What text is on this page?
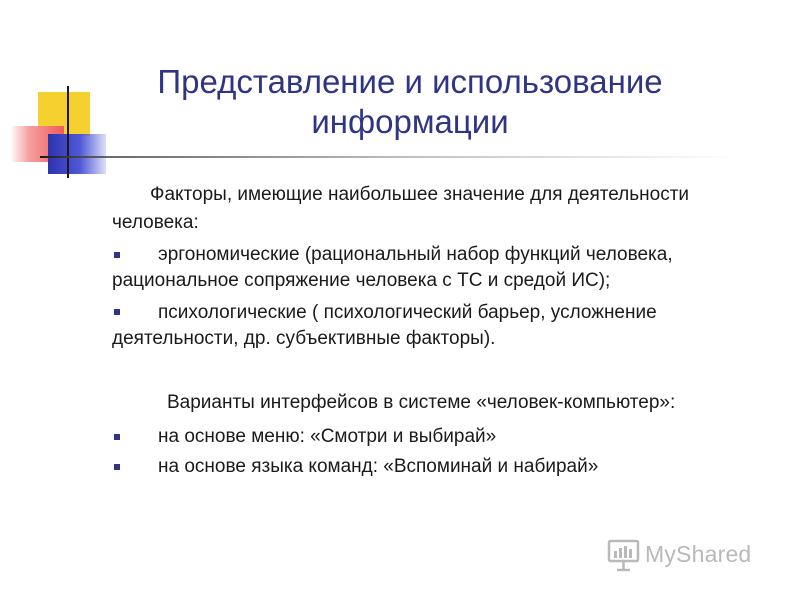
Представление и использование
информации
Факторы, имеющие наибольшее значение для деятельности
человека:
эргономические (рациональный набор функций человека,
рациональное сопряжение человека с ТС и средой ИС);
психологические ( психологический барьер, усложнение
деятельности, др. субъективные факторы).
Варианты интерфейсов в системе «человек-компьютер»:
на основе меню: «Смотри и выбирай»
на основе языка команд: «Вспоминай и набирай»
MyShared
